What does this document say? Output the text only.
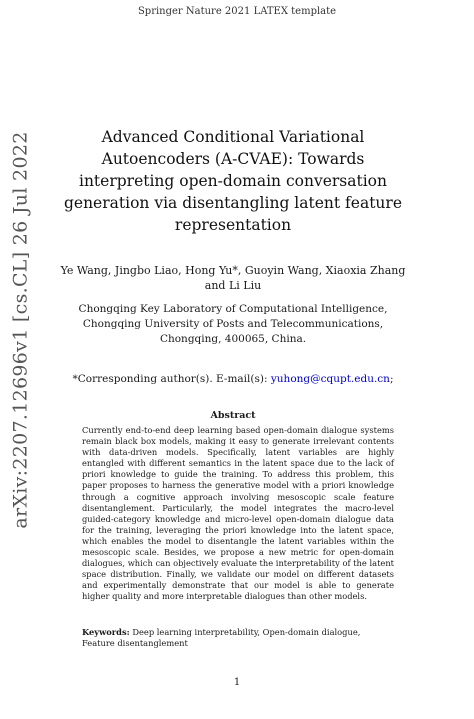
Springer Nature 2021 LATEX template
arXiv:2207.12696v1 [cs.CL] 26 Jul 2022	Advanced Conditional Variational Autoencoders (A-CVAE): Towards interpreting open-domain conversation generation via disentangling latent feature representation
Ye Wang, Jingbo Liao, Hong Yu*, Guoyin Wang, Xiaoxia Zhang and Li Liu
Chongqing Key Laboratory of Computational Intelligence,
Chongqing University of Posts and Telecommunications,
Chongqing, 400065, China.
*Corresponding author(s). E-mail(s): yuhong@cqupt.edu.cn;
Abstract
Currently end-to-end deep learning based open-domain dialogue systems remain black box models, making it easy to generate irrelevant contents with data-driven models. Specifically, latent variables are highly entangled with different semantics in the latent space due to the lack of priori knowledge to guide the training. To address this problem, this paper proposes to harness the generative model with a priori knowledge through a cognitive approach involving mesoscopic scale feature disentanglement. Particularly, the model integrates the macro-level guided-category knowledge and micro-level open-domain dialogue data for the training, leveraging the priori knowledge into the latent space, which enables the model to disentangle the latent variables within the mesoscopic scale. Besides, we propose a new metric for open-domain dialogues, which can objectively evaluate the interpretability of the latent space distribution. Finally, we validate our model on different datasets and experimentally demonstrate that our model is able to generate higher quality and more interpretable dialogues than other models.
Keywords: Deep learning interpretability, Open-domain dialogue, Feature disentanglement
1
